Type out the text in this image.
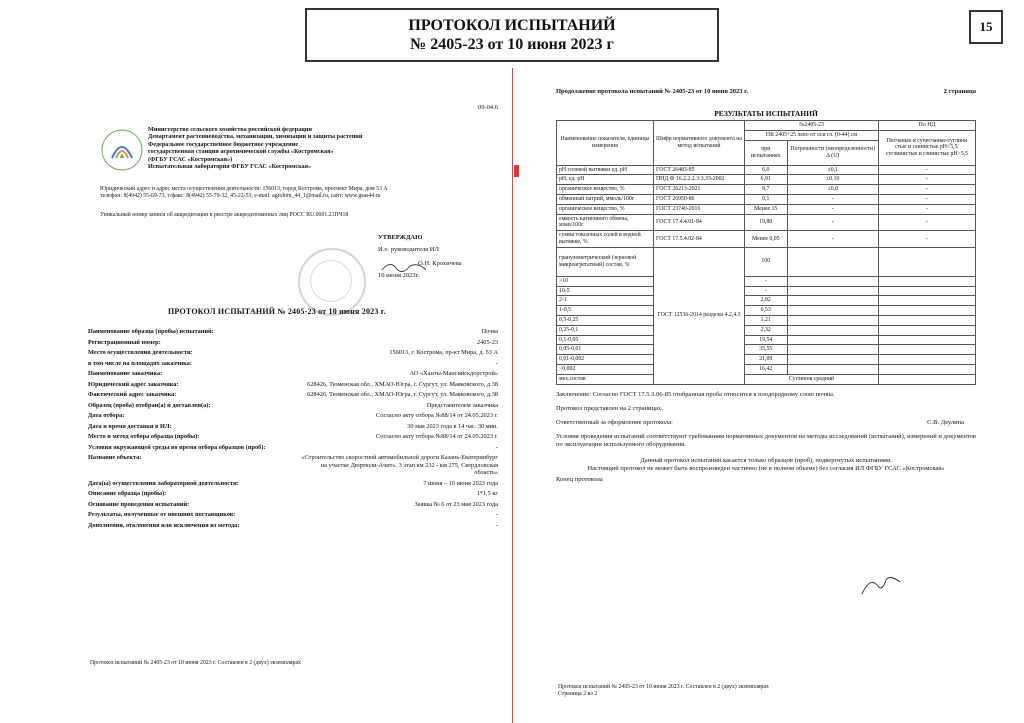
ПРОТОКОЛ ИСПЫТАНИЙ
№ 2405-23 от 10 июня 2023 г
15
09-04.6
Министерство сельского хозяйства российской федерации
Департамент растениеводства, механизации, химизации и защиты растений
Федеральное государственное бюджетное учреждение
государственная станция агрохимической службы «Костромская»
(ФГБУ ГСАС «Костромская»)
Испытательная лаборатория ФГБУ ГСАС «Костромская»
Юридический адрес и адрес места осуществления деятельности: 156013, город Кострома, проспект Мира, дом 53 А
телефон: 8(4942) 55-69-73, т/факс: 8(4942) 55-79-32, 45-22-53, e-mail: agrohim_44_1@mail.ru, сайт: www.gsas44.ru
Уникальный номер записи об аккредитации в реестре аккредитованных лиц РОСС RU.0001.21ПЧ18
УТВЕРЖДАЮ
И.о. руководителя ИЛ
О.Н. Крохичева
10 июня 2023г.
ПРОТОКОЛ ИСПЫТАНИЙ № 2405-23 от 10 июня 2023 г.
Наименование образца (пробы) испытаний:	Почва
Регистрационный номер:	2405-23
Место осуществления деятельности:	156013, г. Кострома, пр-кт Мира, д. 53 А
в том числе на площадях заказчика:	-
Наименование заказчика:	АО «Ханты-Мансийскдорстрой»
Юридический адрес заказчика:	628426, Тюменская обл., ХМАО-Югра, г. Сургут, ул. Маяковского, д.38
Фактический адрес заказчика:	628426, Тюменская обл., ХМАО-Югра, г. Сургут, ул. Маяковского, д.38
Образец (проба) отобран(а) и доставлен(а):	Представителем заказчика
Дата отбора:	Согласно акту отбора №88/14 от 24.05.2023 г.
Дата и время доставки в ИЛ:	30 мая 2023 года в 14 час. 30 мин.
Место и метод отбора образца (пробы):	Согласно акту отбора №88/14 от 24.05.2023 г.
Условия окружающей среды во время отбора образцов (проб):	-
Название объекта:	«Строительство скоростной автомобильной дороги Казань-Екатеринбург на участке Дюртюли-Ачит». 3 этап км 232 - км 275, Свердловская область»
Дата(ы) осуществления лабораторной деятельности:	7 июня – 10 июня 2023 года
Описание образца (пробы):	1*1,5 кг
Основание проведения испытаний:	Заявка № 6 от 23 мая 2023 года
Результаты, полученные от внешних поставщиков:	-
Дополнения, отклонения или исключения из метода:	-
Протокол испытаний № 2405-23 от 10 июня 2023 г. Составлен в 2 (двух) экземплярах
Продолжение протокола испытаний № 2405-23 от 10 июня 2023 г.	2 страница
РЕЗУЛЬТАТЫ ИСПЫТАНИЙ
Наименование показателя, единицы измерения	Шифр нормативного документа на метод испытаний	№2405-23		По НД
		ПК 2405+25 лево от оси гл. (0-44) см		Песчаные и супесчаные/суглини стые и глинистые рН<5,5/суглинистые и глинистые рН>5,5
		при испытаниях	Погрешности (неопределенности) Δ (U)	
pH солевой вытяжки ед. pH	ГОСТ 26483-85	6,0	±0,1	-
pH, ед. pH	ПНД Ф 16.2.2:2.3:3.33-2002	6,91	±0,10	-
органическое вещество, %	ГОСТ 26213-2021	8,7	±0,8	-
обменный натрий, ммоль/100г	ГОСТ 26950-86	0,1	-	-
органическое вещество, %	ГОСТ 23740-2016	Менее 15	-	-
емкость катионного обмена, мэкв/100г	ГОСТ 17.4.4.01-84	19,80	-	-
сумма токсичных солей в водной вытяжке, %	ГОСТ 17.5.4.02-84	Менее 0,05	-	-
гранулометрический (зерновой микроагрегатный) состав, %	ГОСТ 12536-2014 разделы 4.2,4.3	100		
>10		-		
10-5		-		
2-1		2,82		
1-0,5		0,53		
0,5-0,25		1,21		
0,25-0,1		2,32		
0,1-0,05		19,54		
0,05-0,01		35,55		
0,01-0,002		21,09		
<0,002		16,42		
мех.состав		Суглинок средний		
Заключение: Согласно ГОСТ 17.5.3.06-85 отобранная проба относится к плодородному слою почвы.
Протокол представлен на 2 страницах.
Ответственный за оформление протокола:	С.В. Деулина
Условия проведения испытаний соответствуют требованиям нормативных документов на методы исследований (испытаний), измерений и документов по эксплуатации используемого оборудования.
Данный протокол испытаний касается только образцов (проб), подвергнутых испытаниям.
Настоящий протокол не может быть воспроизведен частично (не в полном объеме) без согласия ИЛ ФГБУ ГСАС «Костромская»
Конец протокола
Протокол испытаний № 2405-23 от 10 июня 2023 г. Составлен в 2 (двух) экземплярах
Страница 2 из 2
